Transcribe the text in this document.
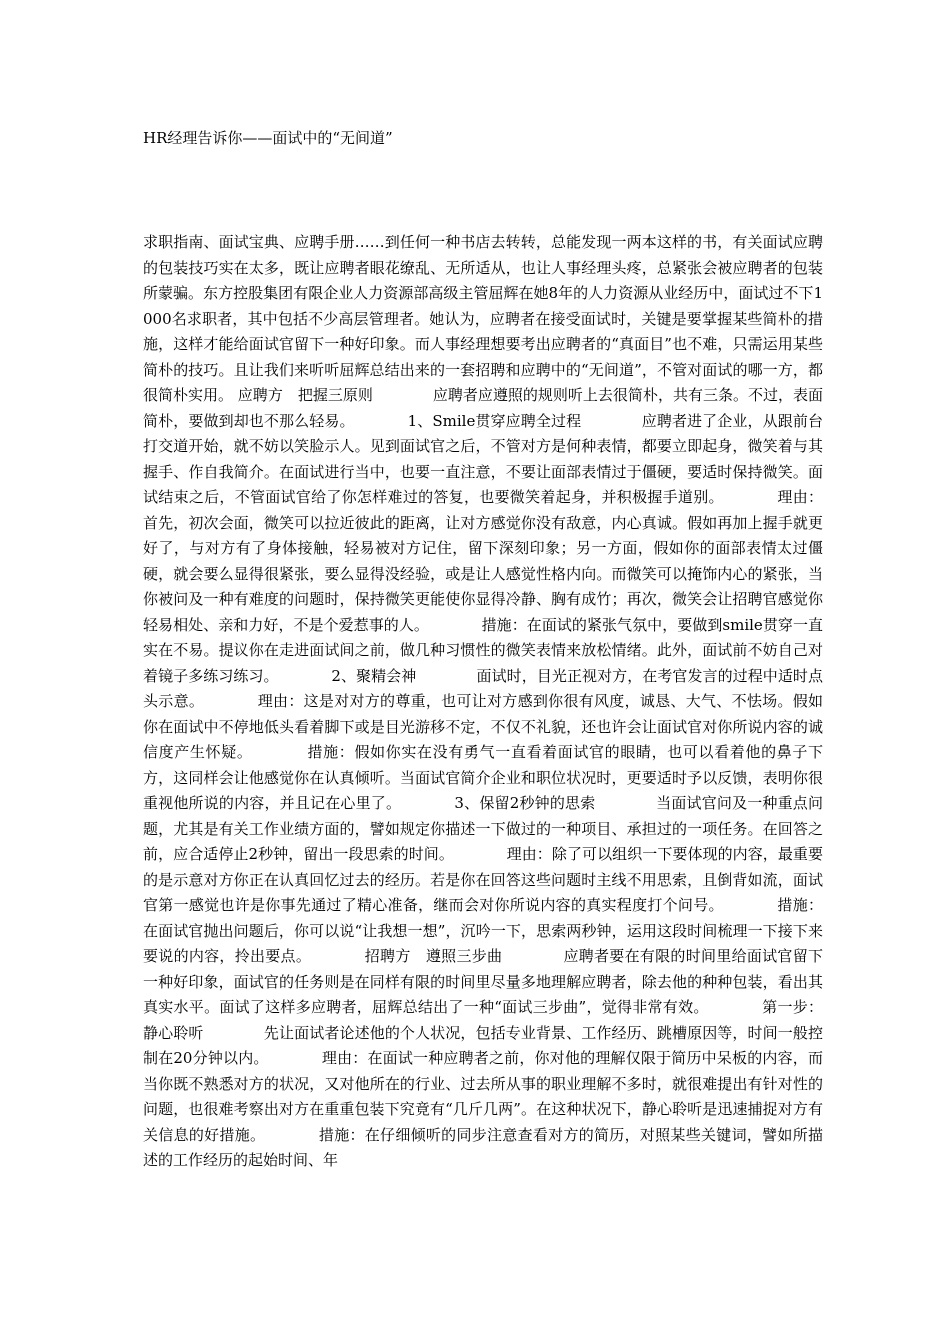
HR经理告诉你——面试中的“无间道”

求职指南、面试宝典、应聘手册……到任何一种书店去转转，总能发现一两本这样的书，有关面试应聘的包装技巧实在太多，既让应聘者眼花缭乱、无所适从，也让人事经理头疼，总紧张会被应聘者的包装所蒙骗。东方控股集团有限企业人力资源部高级主管屈辉在她8年的人力资源从业经历中，面试过不下1000名求职者，其中包括不少高层管理者。她认为，应聘者在接受面试时，关键是要掌握某些简朴的措施，这样才能给面试官留下一种好印象。而人事经理想要考出应聘者的“真面目”也不难，只需运用某些简朴的技巧。且让我们来听听屈辉总结出来的一套招聘和应聘中的“无间道”，不管对面试的哪一方，都很简朴实用。 应聘方　把握三原则　　　　应聘者应遵照的规则听上去很简朴，共有三条。不过，表面简朴，要做到却也不那么轻易。　　　　1、Smile贯穿应聘全过程　　　　应聘者进了企业，从跟前台打交道开始，就不妨以笑脸示人。见到面试官之后，不管对方是何种表情，都要立即起身，微笑着与其握手、作自我简介。在面试进行当中，也要一直注意，不要让面部表情过于僵硬，要适时保持微笑。面试结束之后，不管面试官给了你怎样难过的答复，也要微笑着起身，并积极握手道别。　　　　理由：首先，初次会面，微笑可以拉近彼此的距离，让对方感觉你没有敌意，内心真诚。假如再加上握手就更好了，与对方有了身体接触，轻易被对方记住，留下深刻印象；另一方面，假如你的面部表情太过僵硬，就会要么显得很紧张，要么显得没经验，或是让人感觉性格内向。而微笑可以掩饰内心的紧张，当你被问及一种有难度的问题时，保持微笑更能使你显得冷静、胸有成竹；再次，微笑会让招聘官感觉你轻易相处、亲和力好，不是个爱惹事的人。　　　　措施：在面试的紧张气氛中，要做到smile贯穿一直实在不易。提议你在走进面试间之前，做几种习惯性的微笑表情来放松情绪。此外，面试前不妨自己对着镜子多练习练习。　　　　2、聚精会神　　　　面试时，目光正视对方，在考官发言的过程中适时点头示意。　　　　理由：这是对对方的尊重，也可让对方感到你很有风度，诚恳、大气、不怯场。假如你在面试中不停地低头看着脚下或是目光游移不定，不仅不礼貌，还也许会让面试官对你所说内容的诚信度产生怀疑。　　　　措施：假如你实在没有勇气一直看着面试官的眼睛，也可以看着他的鼻子下方，这同样会让他感觉你在认真倾听。当面试官简介企业和职位状况时，更要适时予以反馈，表明你很重视他所说的内容，并且记在心里了。　　　　3、保留2秒钟的思索　　　　当面试官问及一种重点问题，尤其是有关工作业绩方面的，譬如规定你描述一下做过的一种项目、承担过的一项任务。在回答之前，应合适停止2秒钟，留出一段思索的时间。　　　　理由：除了可以组织一下要体现的内容，最重要的是示意对方你正在认真回忆过去的经历。若是你在回答这些问题时主线不用思索，且倒背如流，面试官第一感觉也许是你事先通过了精心准备，继而会对你所说内容的真实程度打个问号。　　　　措施：在面试官抛出问题后，你可以说“让我想一想”，沉吟一下，思索两秒钟，运用这段时间梳理一下接下来要说的内容，拎出要点。　　　　招聘方　遵照三步曲　　　　应聘者要在有限的时间里给面试官留下一种好印象，面试官的任务则是在同样有限的时间里尽量多地理解应聘者，除去他的种种包装，看出其真实水平。面试了这样多应聘者，屈辉总结出了一种“面试三步曲”，觉得非常有效。　　　　第一步：静心聆听　　　　先让面试者论述他的个人状况，包括专业背景、工作经历、跳槽原因等，时间一般控制在20分钟以内。　　　　理由：在面试一种应聘者之前，你对他的理解仅限于简历中呆板的内容，而当你既不熟悉对方的状况，又对他所在的行业、过去所从事的职业理解不多时，就很难提出有针对性的问题，也很难考察出对方在重重包装下究竟有“几斤几两”。在这种状况下，静心聆听是迅速捕捉对方有关信息的好措施。　　　　措施：在仔细倾听的同步注意查看对方的简历，对照某些关键词，譬如所描述的工作经历的起始时间、年
